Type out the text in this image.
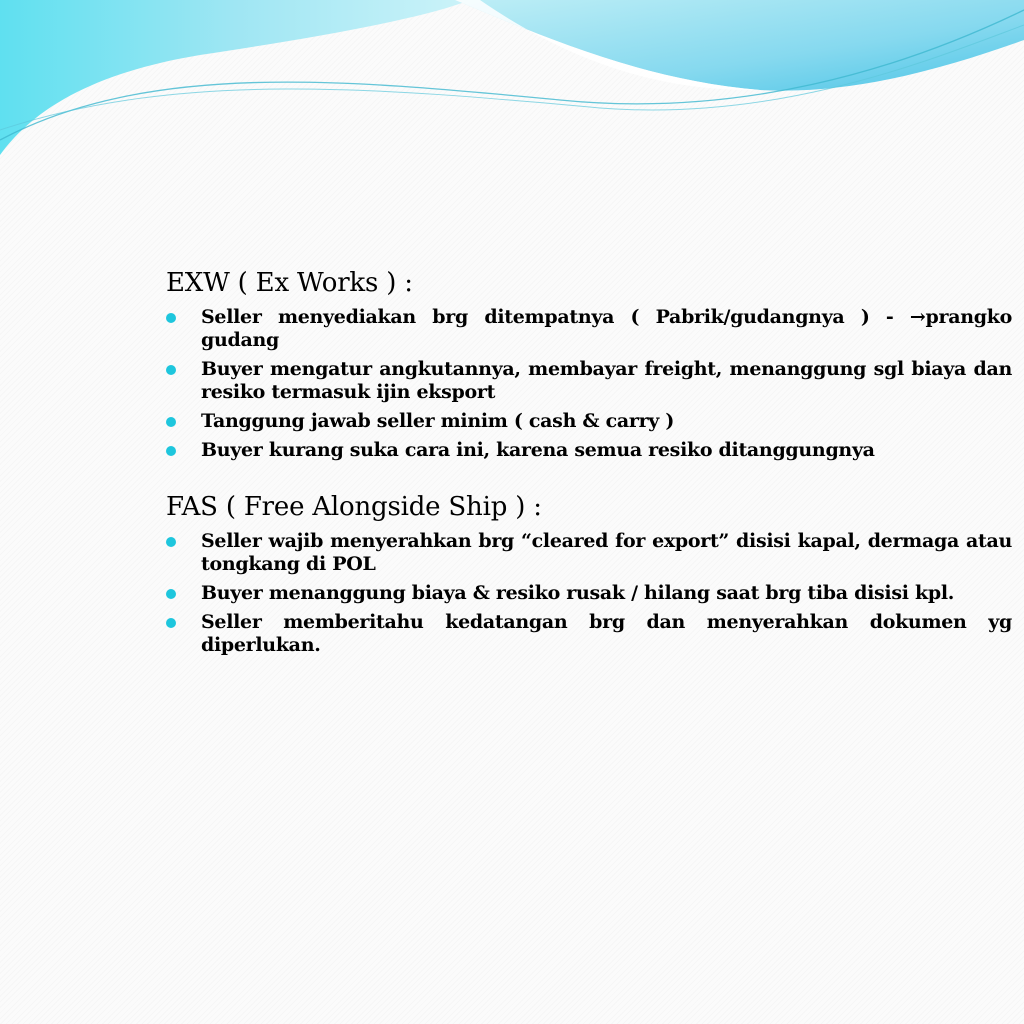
EXW ( Ex Works ) :
Seller menyediakan brg ditempatnya ( Pabrik/gudangnya ) - →prangko gudang
Buyer mengatur angkutannya, membayar freight, menanggung sgl biaya dan resiko termasuk ijin eksport
Tanggung jawab seller minim ( cash & carry )
Buyer kurang suka cara ini, karena semua resiko ditanggungnya
FAS ( Free Alongside Ship ) :
Seller wajib menyerahkan brg “cleared for export” disisi kapal, dermaga atau tongkang di POL
Buyer menanggung biaya & resiko rusak / hilang saat brg tiba disisi kpl.
Seller memberitahu kedatangan brg dan menyerahkan dokumen yg diperlukan.
